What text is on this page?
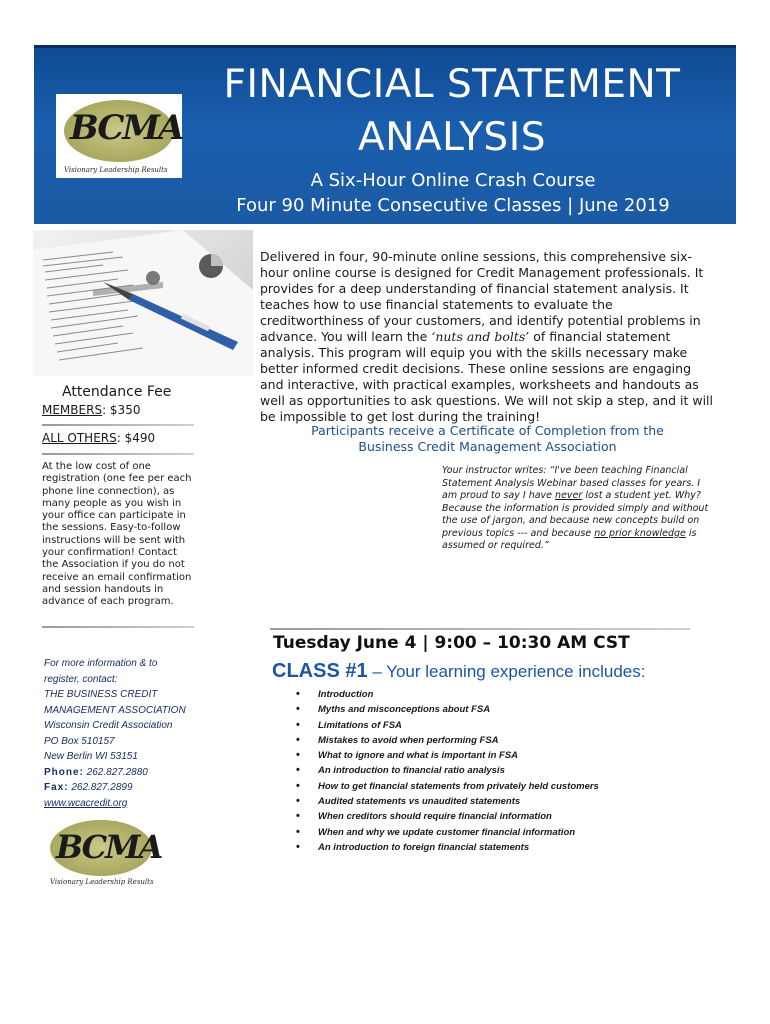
BCMA
Visionary Leadership Results
FINANCIAL STATEMENT ANALYSIS
A Six-Hour Online Crash Course
Four 90 Minute Consecutive Classes | June 2019
Delivered in four, 90-minute online sessions, this comprehensive six-hour online course is designed for Credit Management professionals. It provides for a deep understanding of financial statement analysis. It teaches how to use financial statements to evaluate the creditworthiness of your customers, and identify potential problems in advance. You will learn the ‘nuts and bolts’ of financial statement analysis. This program will equip you with the skills necessary make better informed credit decisions. These online sessions are engaging and interactive, with practical examples, worksheets and handouts as well as opportunities to ask questions. We will not skip a step, and it will be impossible to get lost during the training!
Participants receive a Certificate of Completion from the
Business Credit Management Association
Your instructor writes: “I've been teaching Financial Statement Analysis Webinar based classes for years. I am proud to say I have never lost a student yet. Why? Because the information is provided simply and without the use of jargon, and because new concepts build on previous topics --- and because no prior knowledge is assumed or required.”
Attendance Fee
MEMBERS: $350
ALL OTHERS: $490
At the low cost of one registration (one fee per each phone line connection), as many people as you wish in your office can participate in the sessions. Easy-to-follow instructions will be sent with your confirmation! Contact the Association if you do not receive an email confirmation and session handouts in advance of each program.
For more information & to
register, contact:
THE BUSINESS CREDIT
MANAGEMENT ASSOCIATION
Wisconsin Credit Association
PO Box 510157
New Berlin WI 53151
Phone: 262.827.2880
Fax: 262.827.2899
www.wcacredit.org
BCMA
Visionary Leadership Results
Tuesday June 4 | 9:00 – 10:30 AM CST
CLASS #1 – Your learning experience includes:
• Introduction
• Myths and misconceptions about FSA
• Limitations of FSA
• Mistakes to avoid when performing FSA
• What to ignore and what is important in FSA
• An introduction to financial ratio analysis
• How to get financial statements from privately held customers
• Audited statements vs unaudited statements
• When creditors should require financial information
• When and why we update customer financial information
• An introduction to foreign financial statements
